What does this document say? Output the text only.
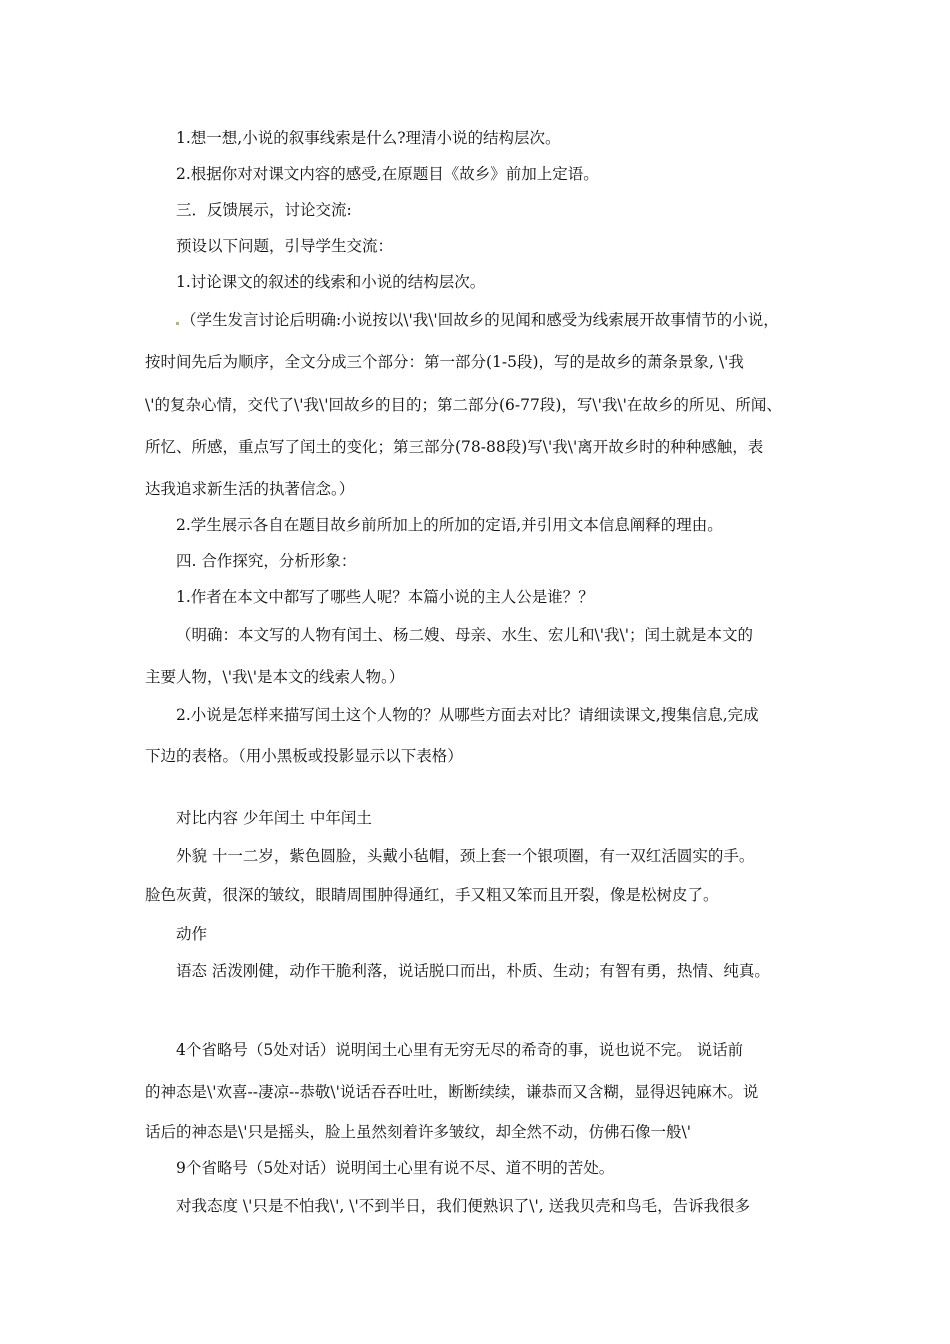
1.想一想,小说的叙事线索是什么?理清小说的结构层次。
2.根据你对对课文内容的感受,在原题目《故乡》前加上定语。
三．反馈展示，讨论交流:
预设以下问题，引导学生交流：
1.讨论课文的叙述的线索和小说的结构层次。
（学生发言讨论后明确:小说按以\'我\'回故乡的见闻和感受为线索展开故事情节的小说，
按时间先后为顺序，全文分成三个部分：第一部分(1-5段)，写的是故乡的萧条景象, \'我
\'的复杂心情，交代了\'我\'回故乡的目的；第二部分(6-77段)，写\'我\'在故乡的所见、所闻、
所忆、所感，重点写了闰土的变化；第三部分(78-88段)写\'我\'离开故乡时的种种感触，表
达我追求新生活的执著信念。）
2.学生展示各自在题目故乡前所加上的所加的定语,并引用文本信息阐释的理由。
四. 合作探究，分析形象：
1.作者在本文中都写了哪些人呢？本篇小说的主人公是谁？？
（明确：本文写的人物有闰土、杨二嫂、母亲、水生、宏儿和\'我\'；闰土就是本文的
主要人物，\'我\'是本文的线索人物。）
2.小说是怎样来描写闰土这个人物的？从哪些方面去对比？请细读课文,搜集信息,完成
下边的表格。（用小黑板或投影显示以下表格）
对比内容 少年闰土 中年闰土
外貌 十一二岁，紫色圆脸，头戴小毡帽，颈上套一个银项圈，有一双红活圆实的手。
脸色灰黄，很深的皱纹，眼睛周围肿得通红，手又粗又笨而且开裂，像是松树皮了。
动作
语态 活泼刚健，动作干脆利落，说话脱口而出，朴质、生动；有智有勇，热情、纯真。
4个省略号（5处对话）说明闰土心里有无穷无尽的希奇的事，说也说不完。 说话前
的神态是\'欢喜--凄凉--恭敬\'说话吞吞吐吐，断断续续，谦恭而又含糊，显得迟钝麻木。说
话后的神态是\'只是摇头，脸上虽然刻着许多皱纹，却全然不动，仿佛石像一般\'
9个省略号（5处对话）说明闰土心里有说不尽、道不明的苦处。
对我态度 \'只是不怕我\', \'不到半日，我们便熟识了\', 送我贝壳和鸟毛，告诉我很多
